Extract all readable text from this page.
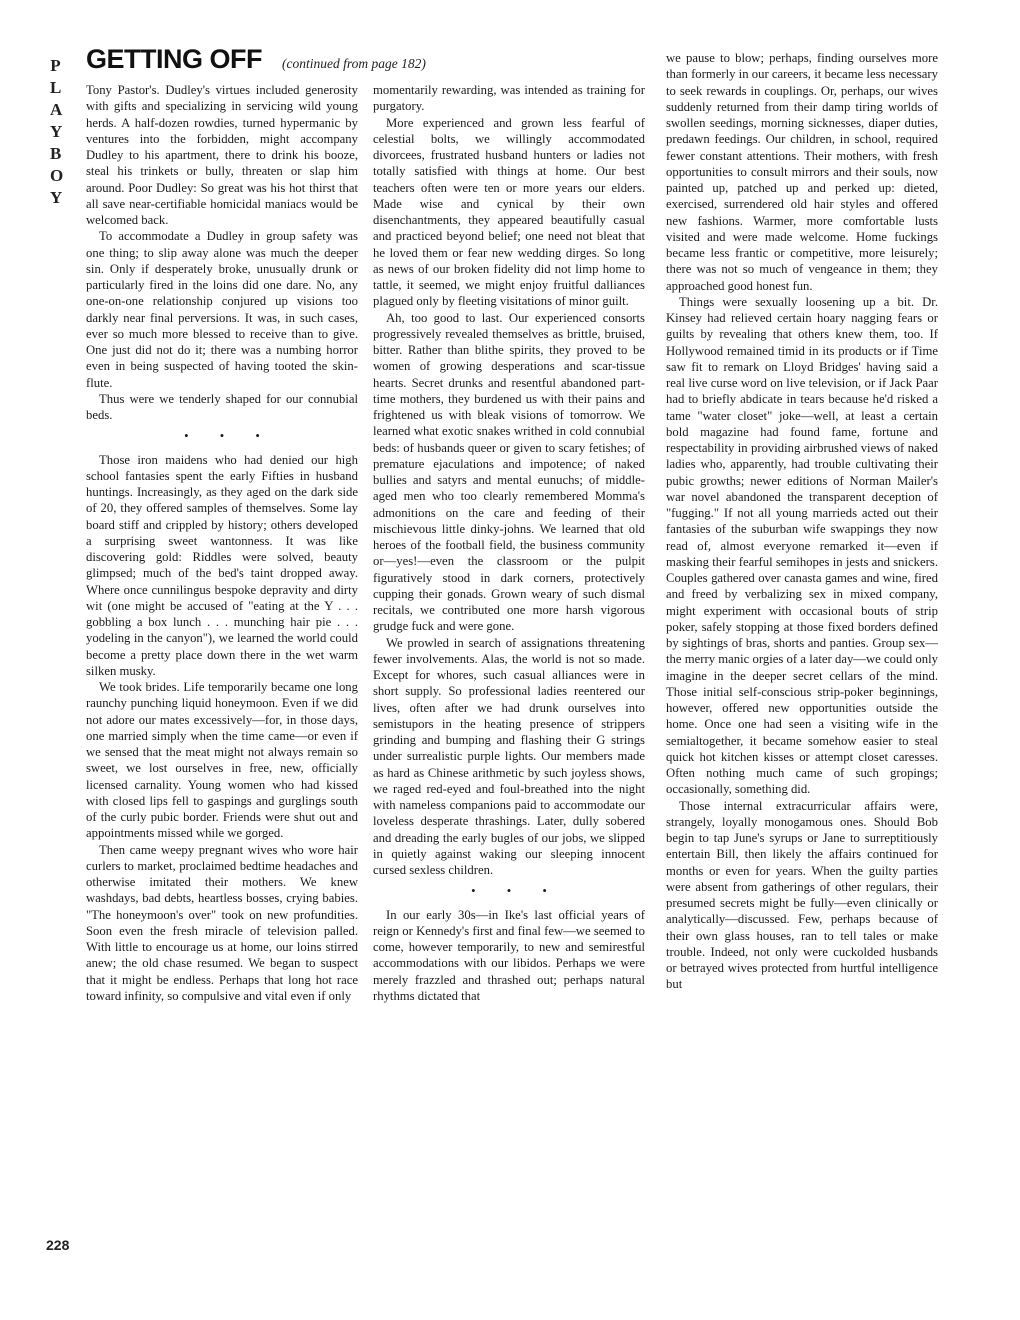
P
L
A
Y
B
O
Y
GETTING OFF (continued from page 182)

Tony Pastor's. Dudley's virtues included generosity with gifts and specializing in servicing wild young herds. A half-dozen rowdies, turned hypermanic by ventures into the forbidden, might accompany Dudley to his apartment, there to drink his booze, steal his trinkets or bully, threaten or slap him around. Poor Dudley: So great was his hot thirst that all save near-certifiable homicidal maniacs would be welcomed back.

To accommodate a Dudley in group safety was one thing; to slip away alone was much the deeper sin. Only if desperately broke, unusually drunk or particularly fired in the loins did one dare. No, any one-on-one relationship conjured up visions too darkly near final perversions. It was, in such cases, ever so much more blessed to receive than to give. One just did not do it; there was a numbing horror even in being suspected of having tooted the skin-flute.

Thus were we tenderly shaped for our connubial beds.

• • •

Those iron maidens who had denied our high school fantasies spent the early Fifties in husband huntings. Increasingly, as they aged on the dark side of 20, they offered samples of themselves. Some lay board stiff and crippled by history; others developed a surprising sweet wantonness. It was like discovering gold: Riddles were solved, beauty glimpsed; much of the bed's taint dropped away. Where once cunnilingus bespoke depravity and dirty wit (one might be accused of "eating at the Y . . . gobbling a box lunch . . . munching hair pie . . . yodeling in the canyon"), we learned the world could become a pretty place down there in the wet warm silken musky.

We took brides. Life temporarily became one long raunchy punching liquid honeymoon. Even if we did not adore our mates excessively—for, in those days, one married simply when the time came—or even if we sensed that the meat might not always remain so sweet, we lost ourselves in free, new, officially licensed carnality. Young women who had kissed with closed lips fell to gaspings and gurglings south of the curly pubic border. Friends were shut out and appointments missed while we gorged.

Then came weepy pregnant wives who wore hair curlers to market, proclaimed bedtime headaches and otherwise imitated their mothers. We knew washdays, bad debts, heartless bosses, crying babies. "The honeymoon's over" took on new profundities. Soon even the fresh miracle of television palled. With little to encourage us at home, our loins stirred anew; the old chase resumed. We began to suspect that it might be endless. Perhaps that long hot race toward infinity, so compulsive and vital even if only

momentarily rewarding, was intended as training for purgatory.

More experienced and grown less fearful of celestial bolts, we willingly accommodated divorcees, frustrated husband hunters or ladies not totally satisfied with things at home. Our best teachers often were ten or more years our elders. Made wise and cynical by their own disenchantments, they appeared beautifully casual and practiced beyond belief; one need not bleat that he loved them or fear new wedding dirges. So long as news of our broken fidelity did not limp home to tattle, it seemed, we might enjoy fruitful dalliances plagued only by fleeting visitations of minor guilt.

Ah, too good to last. Our experienced consorts progressively revealed themselves as brittle, bruised, bitter. Rather than blithe spirits, they proved to be women of growing desperations and scar-tissue hearts. Secret drunks and resentful abandoned part-time mothers, they burdened us with their pains and frightened us with bleak visions of tomorrow. We learned what exotic snakes writhed in cold connubial beds: of husbands queer or given to scary fetishes; of premature ejaculations and impotence; of naked bullies and satyrs and mental eunuchs; of middle-aged men who too clearly remembered Momma's admonitions on the care and feeding of their mischievous little dinky-johns. We learned that old heroes of the football field, the business community or—yes!—even the classroom or the pulpit figuratively stood in dark corners, protectively cupping their gonads. Grown weary of such dismal recitals, we contributed one more harsh vigorous grudge fuck and were gone.

We prowled in search of assignations threatening fewer involvements. Alas, the world is not so made. Except for whores, such casual alliances were in short supply. So professional ladies reentered our lives, often after we had drunk ourselves into semistupors in the heating presence of strippers grinding and bumping and flashing their G strings under surrealistic purple lights. Our members made as hard as Chinese arithmetic by such joyless shows, we raged red-eyed and foul-breathed into the night with nameless companions paid to accommodate our loveless desperate thrashings. Later, dully sobered and dreading the early bugles of our jobs, we slipped in quietly against waking our sleeping innocent cursed sexless children.

• • •

In our early 30s—in Ike's last official years of reign or Kennedy's first and final few—we seemed to come, however temporarily, to new and semirestful accommodations with our libidos. Perhaps we were merely frazzled and thrashed out; perhaps natural rhythms dictated that

we pause to blow; perhaps, finding ourselves more than formerly in our careers, it became less necessary to seek rewards in couplings. Or, perhaps, our wives suddenly returned from their damp tiring worlds of swollen seedings, morning sicknesses, diaper duties, predawn feedings. Our children, in school, required fewer constant attentions. Their mothers, with fresh opportunities to consult mirrors and their souls, now painted up, patched up and perked up: dieted, exercised, surrendered old hair styles and offered new fashions. Warmer, more comfortable lusts visited and were made welcome. Home fuckings became less frantic or competitive, more leisurely; there was not so much of vengeance in them; they approached good honest fun.

Things were sexually loosening up a bit. Dr. Kinsey had relieved certain hoary nagging fears or guilts by revealing that others knew them, too. If Hollywood remained timid in its products or if Time saw fit to remark on Lloyd Bridges' having said a real live curse word on live television, or if Jack Paar had to briefly abdicate in tears because he'd risked a tame "water closet" joke—well, at least a certain bold magazine had found fame, fortune and respectability in providing airbrushed views of naked ladies who, apparently, had trouble cultivating their pubic growths; newer editions of Norman Mailer's war novel abandoned the transparent deception of "fugging." If not all young marrieds acted out their fantasies of the suburban wife swappings they now read of, almost everyone remarked it—even if masking their fearful semihopes in jests and snickers. Couples gathered over canasta games and wine, fired and freed by verbalizing sex in mixed company, might experiment with occasional bouts of strip poker, safely stopping at those fixed borders defined by sightings of bras, shorts and panties. Group sex—the merry manic orgies of a later day—we could only imagine in the deeper secret cellars of the mind. Those initial self-conscious strip-poker beginnings, however, offered new opportunities outside the home. Once one had seen a visiting wife in the semialtogether, it became somehow easier to steal quick hot kitchen kisses or attempt closet caresses. Often nothing much came of such gropings; occasionally, something did.

Those internal extracurricular affairs were, strangely, loyally monogamous ones. Should Bob begin to tap June's syrups or Jane to surreptitiously entertain Bill, then likely the affairs continued for months or even for years. When the guilty parties were absent from gatherings of other regulars, their presumed secrets might be fully—even clinically or analytically—discussed. Few, perhaps because of their own glass houses, ran to tell tales or make trouble. Indeed, not only were cuckolded husbands or betrayed wives protected from hurtful intelligence but

228
